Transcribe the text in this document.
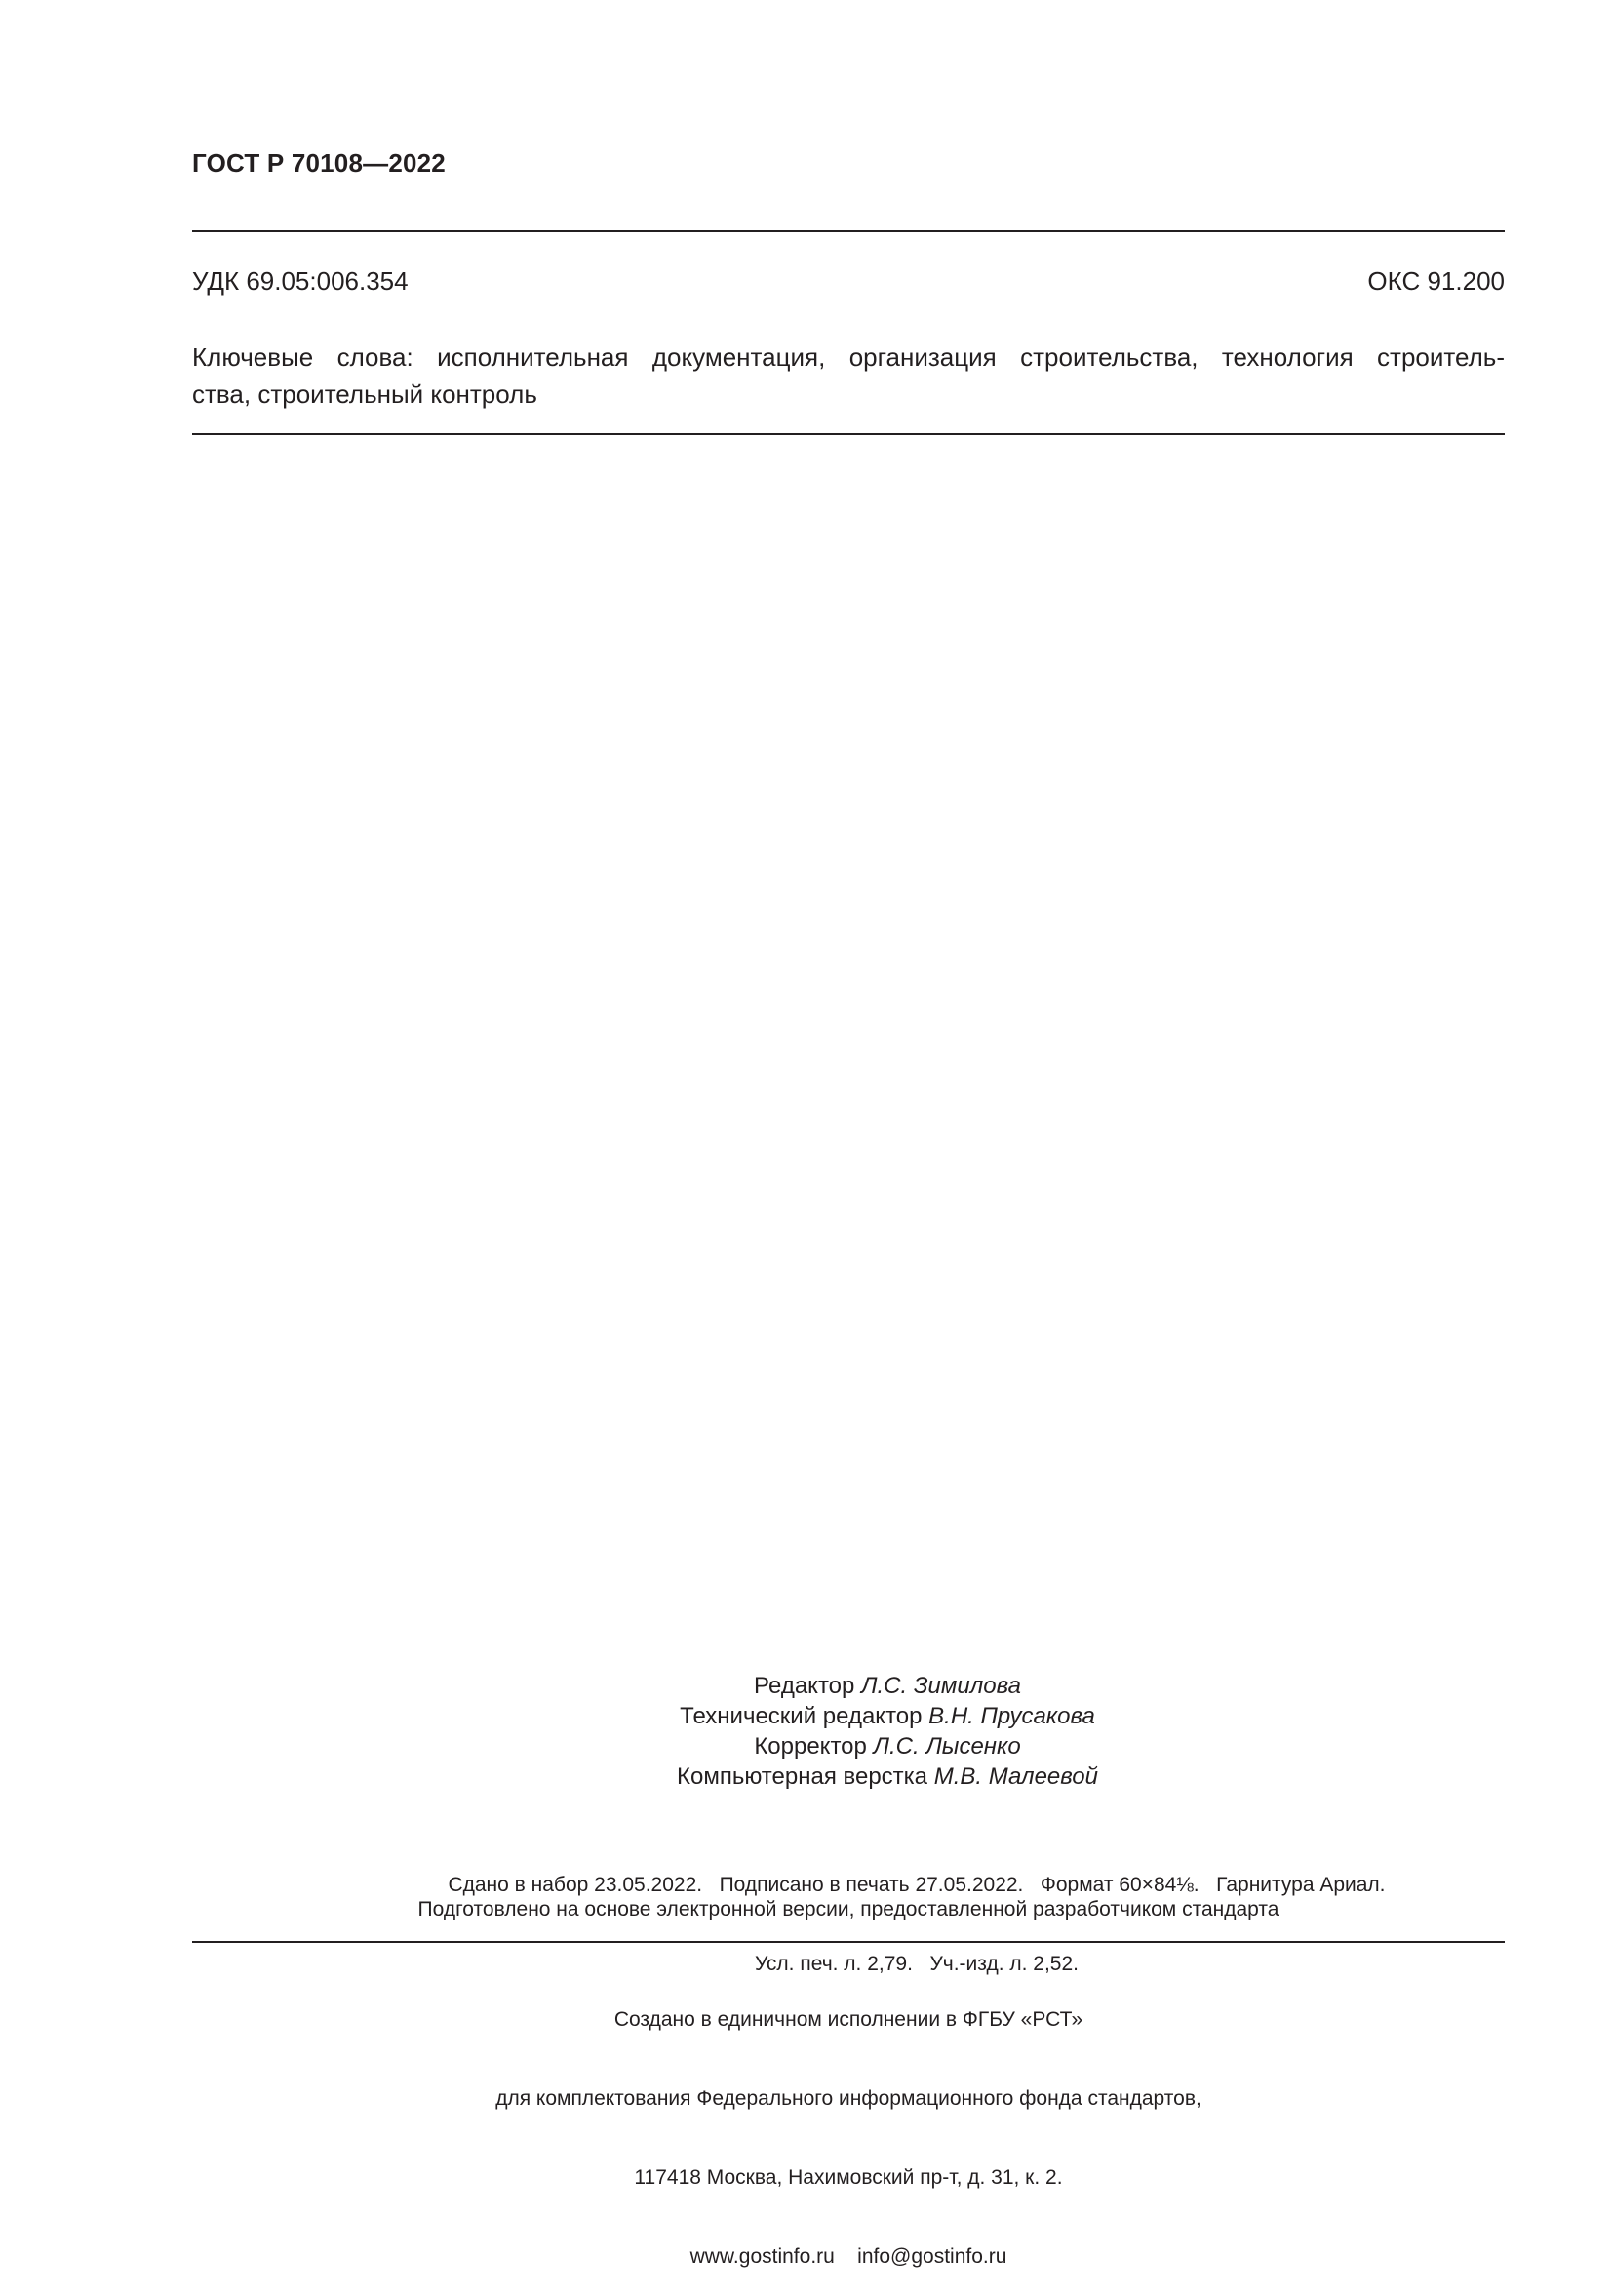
ГОСТ Р 70108—2022
УДК 69.05:006.354	ОКС 91.200

Ключевые слова: исполнительная документация, организация строительства, технология строитель-

ства, строительный контроль

Редактор Л.С. Зимилова

Технический редактор В.Н. Прусакова

Корректор Л.С. Лысенко

Компьютерная верстка М.В. Малеевой

Сдано в набор 23.05.2022.   Подписано в печать 27.05.2022.   Формат 60×84⅛.   Гарнитура Ариал.

Усл. печ. л. 2,79.   Уч.-изд. л. 2,52.

Подготовлено на основе электронной версии, предоставленной разработчиком стандарта

Создано в единичном исполнении в ФГБУ «РСТ»

для комплектования Федерального информационного фонда стандартов,

117418 Москва, Нахимовский пр-т, д. 31, к. 2.

www.gostinfo.ru    info@gostinfo.ru
